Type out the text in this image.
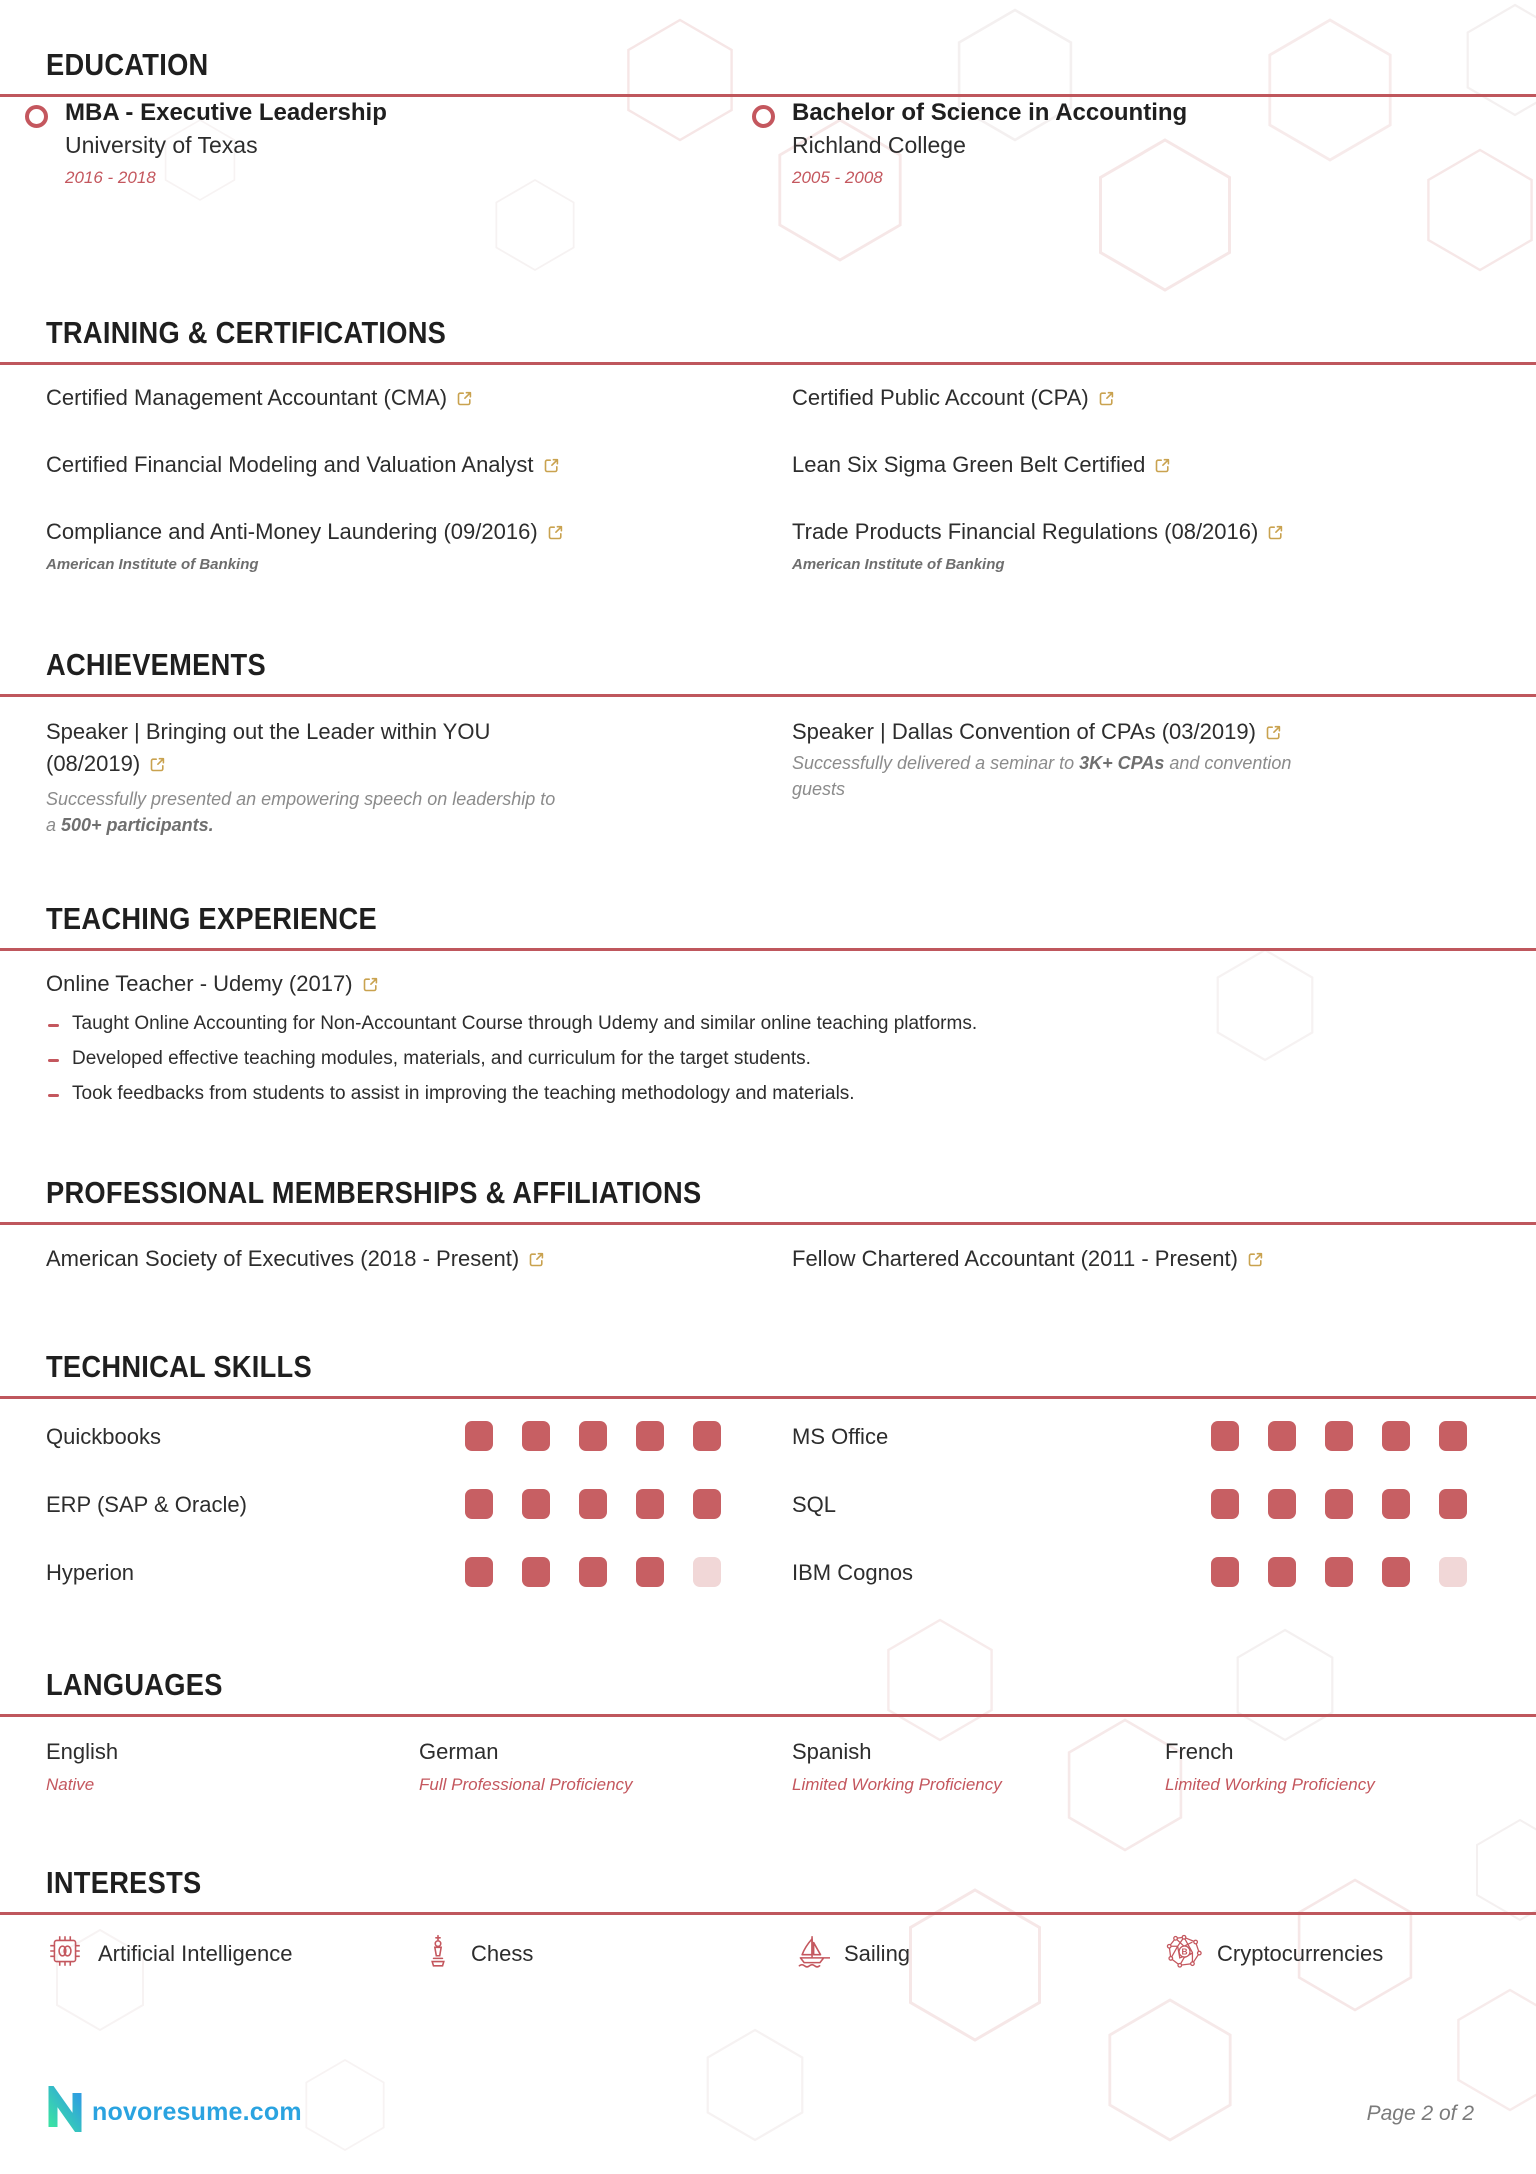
EDUCATION
MBA - Executive Leadership
University of Texas
2016 - 2018
Bachelor of Science in Accounting
Richland College
2005 - 2008
TRAINING & CERTIFICATIONS
Certified Management Accountant (CMA)	Certified Public Account (CPA)
Certified Financial Modeling and Valuation Analyst	Lean Six Sigma Green Belt Certified
Compliance and Anti-Money Laundering (09/2016)
American Institute of Banking
Trade Products Financial Regulations (08/2016)
American Institute of Banking
ACHIEVEMENTS
Speaker | Bringing out the Leader within YOU (08/2019)
Successfully presented an empowering speech on leadership to a 500+ participants.
Speaker | Dallas Convention of CPAs (03/2019)
Successfully delivered a seminar to 3K+ CPAs and convention guests
TEACHING EXPERIENCE
Online Teacher - Udemy (2017)
Taught Online Accounting for Non-Accountant Course through Udemy and similar online teaching platforms.
Developed effective teaching modules, materials, and curriculum for the target students.
Took feedbacks from students to assist in improving the teaching methodology and materials.
PROFESSIONAL MEMBERSHIPS & AFFILIATIONS
American Society of Executives (2018 - Present)	Fellow Chartered Accountant (2011 - Present)
TECHNICAL SKILLS
Quickbooks	MS Office
ERP (SAP & Oracle)	SQL
Hyperion	IBM Cognos
LANGUAGES
English
Native
German
Full Professional Proficiency
Spanish
Limited Working Proficiency
French
Limited Working Proficiency
INTERESTS
Artificial Intelligence	Chess	Sailing	B Cryptocurrencies
novoresume.com	Page 2 of 2
